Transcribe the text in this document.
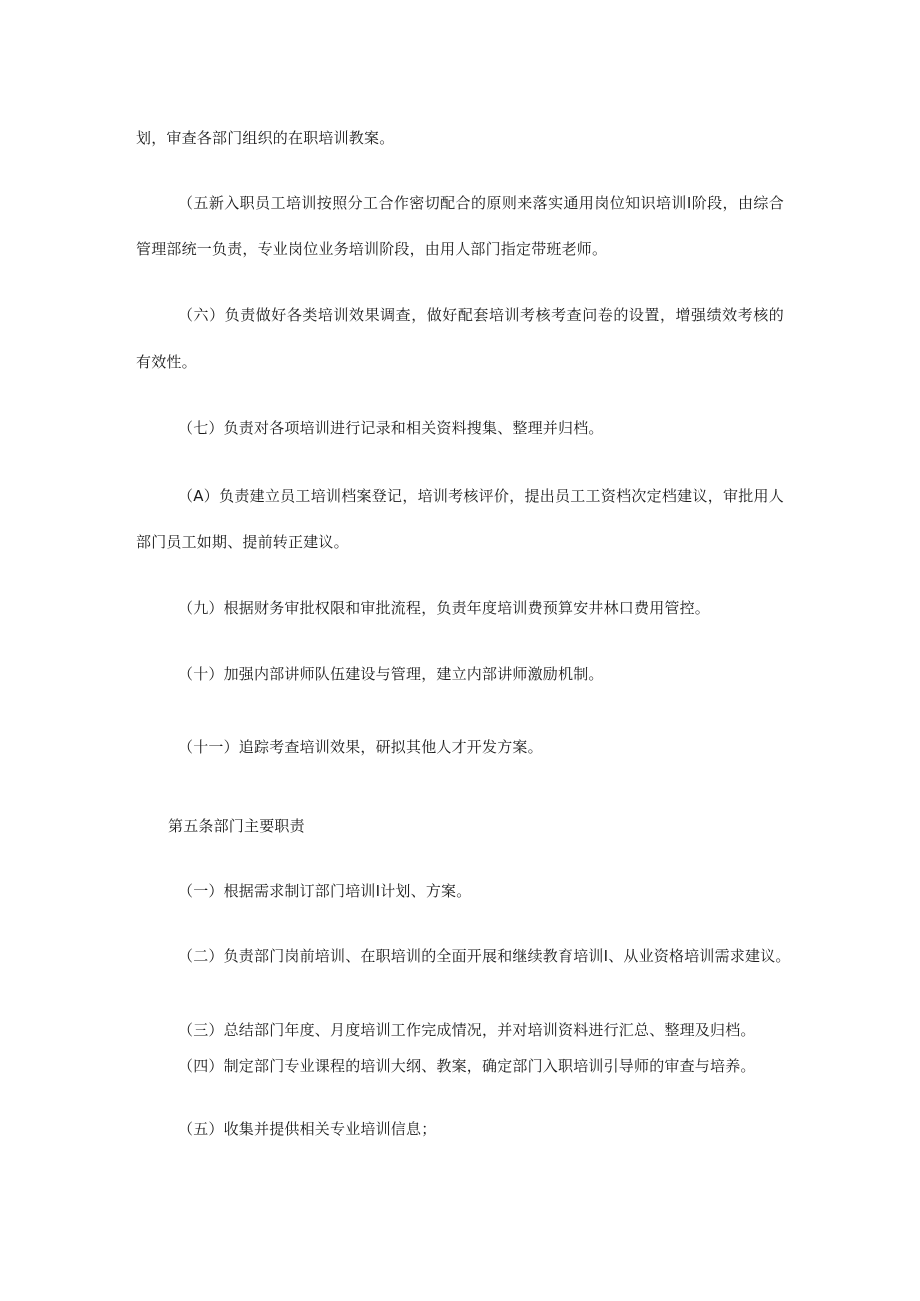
划，审查各部门组织的在职培训教案。
（五新入职员工培训按照分工合作密切配合的原则来落实通用岗位知识培训I阶段，由综合
管理部统一负责，专业岗位业务培训阶段，由用人部门指定带班老师。
（六）负责做好各类培训效果调查，做好配套培训考核考查问卷的设置，增强绩效考核的
有效性。
（七）负责对各项培训进行记录和相关资料搜集、整理并归档。
（A）负责建立员工培训档案登记，培训考核评价，提出员工工资档次定档建议，审批用人
部门员工如期、提前转正建议。
（九）根据财务审批权限和审批流程，负责年度培训费预算安井林口费用管控。
（十）加强内部讲师队伍建设与管理，建立内部讲师激励机制。
（十一）追踪考查培训效果，研拟其他人才开发方案。
第五条部门主要职责
（一）根据需求制订部门培训I计划、方案。
（二）负责部门岗前培训、在职培训的全面开展和继续教育培训I、从业资格培训需求建议。
（三）总结部门年度、月度培训工作完成情况，并对培训资料进行汇总、整理及归档。
（四）制定部门专业课程的培训大纲、教案，确定部门入职培训引导师的审查与培养。
（五）收集并提供相关专业培训信息；
